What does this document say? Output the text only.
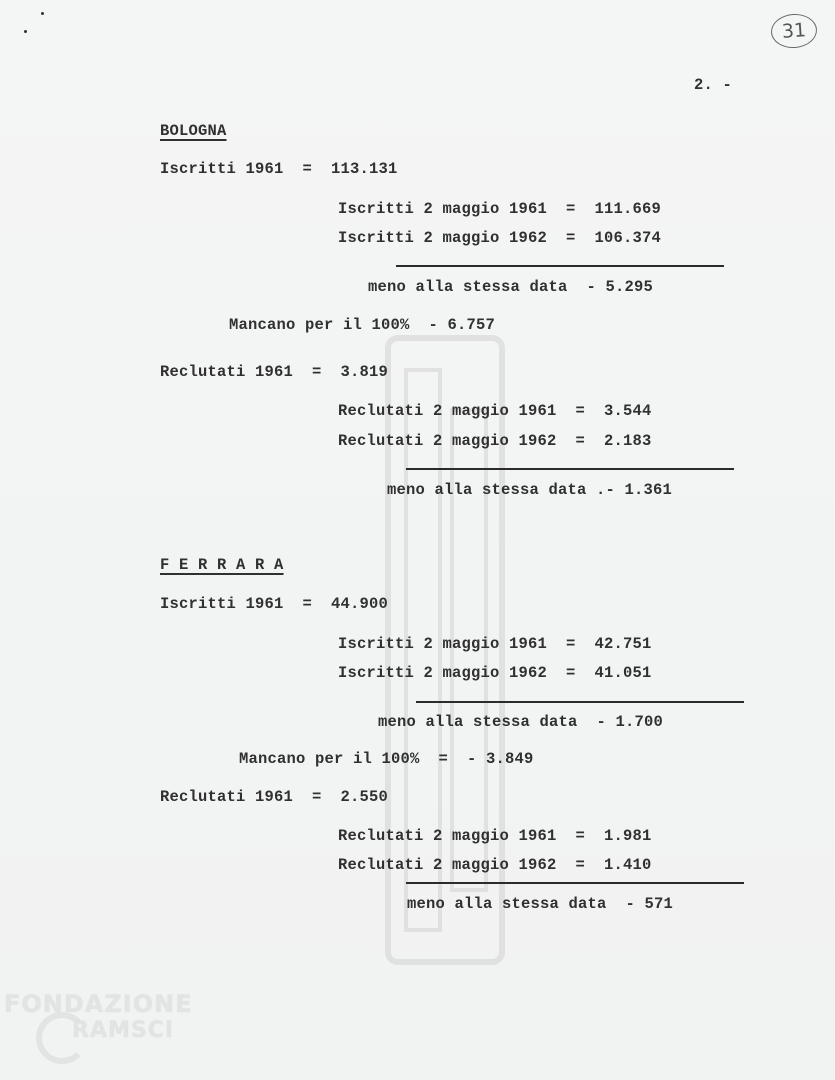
31
2. -
BOLOGNA
Iscritti 1961  =  113.131
Iscritti 2 maggio 1961  =  111.669
Iscritti 2 maggio 1962  =  106.374
meno alla stessa data  - 5.295
Mancano per il 100%  - 6.757
Reclutati 1961  =  3.819
Reclutati 2 maggio 1961  =  3.544
Reclutati 2 maggio 1962  =  2.183
meno alla stessa data .- 1.361
F E R R A R A
Iscritti 1961  =  44.900
Iscritti 2 maggio 1961  =  42.751
Iscritti 2 maggio 1962  =  41.051
meno alla stessa data  - 1.700
Mancano per il 100%  =  - 3.849
Reclutati 1961  =  2.550
Reclutati 2 maggio 1961  =  1.981
Reclutati 2 maggio 1962  =  1.410
meno alla stessa data  - 571
FONDAZIONE
RAMSCI
